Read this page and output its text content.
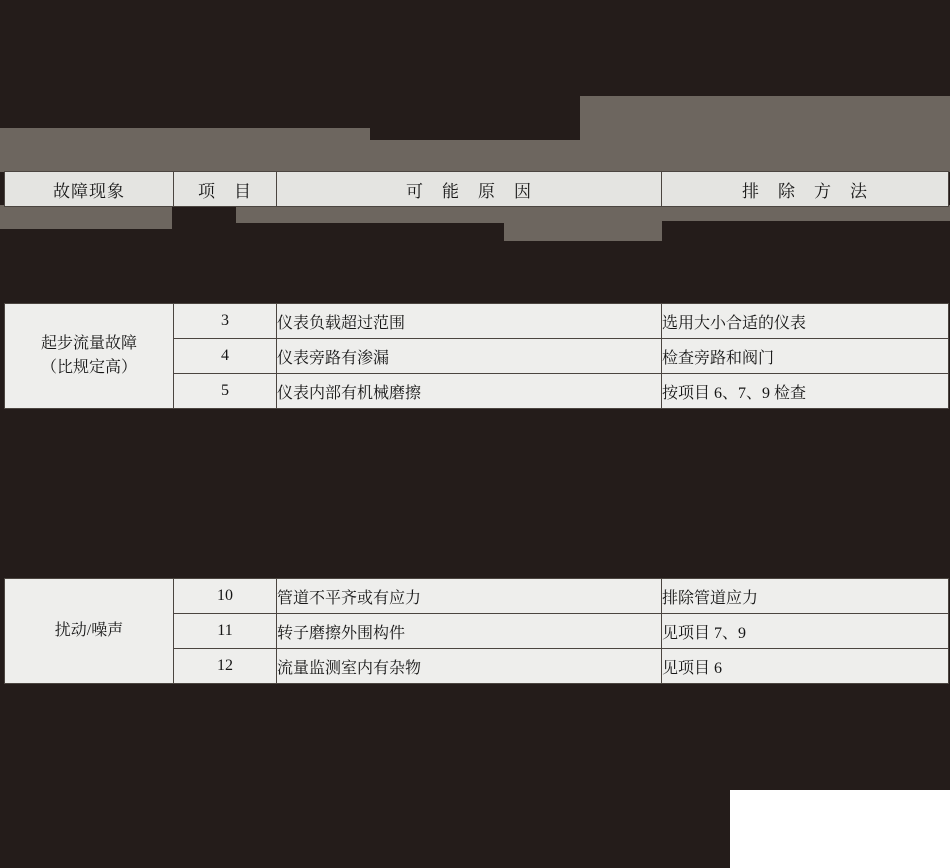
故障现象	项　目	可　能　原　因	排　除　方　法
起步流量故障
（比规定高）	3	仪表负载超过范围	选用大小合适的仪表
	4	仪表旁路有渗漏	检查旁路和阀门
	5	仪表内部有机械磨擦	按项目 6、7、9 检查
扰动/噪声	10	管道不平齐或有应力	排除管道应力
	11	转子磨擦外围构件	见项目 7、9
	12	流量监测室内有杂物	见项目 6
